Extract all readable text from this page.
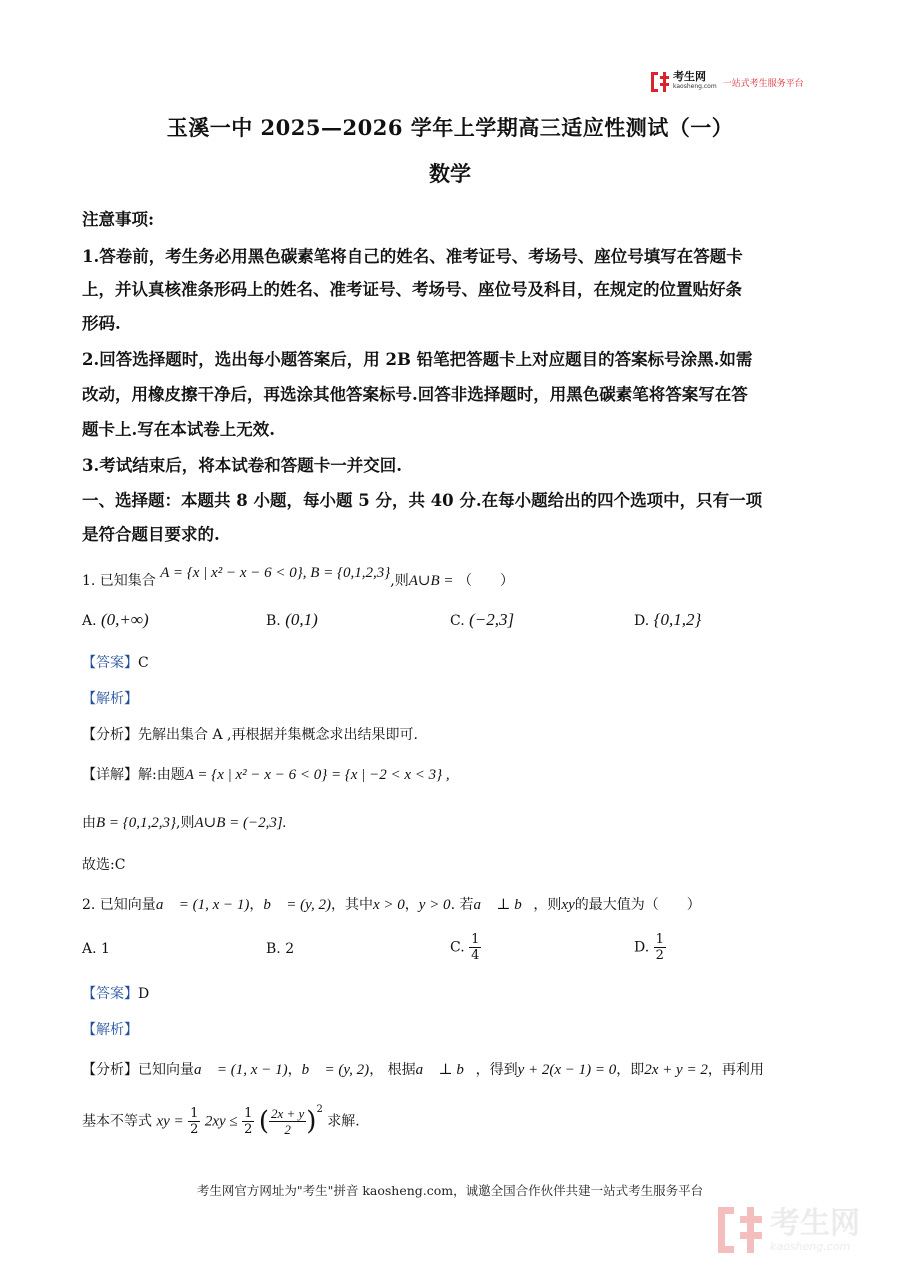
考生网
kaosheng.com 一站式考生服务平台
玉溪一中 2025—2026 学年上学期高三适应性测试（一）
数学
注意事项:
1.答卷前，考生务必用黑色碳素笔将自己的姓名、准考证号、考场号、座位号填写在答题卡
上，并认真核准条形码上的姓名、准考证号、考场号、座位号及科目，在规定的位置贴好条
形码.
2.回答选择题时，选出每小题答案后，用 2B 铅笔把答题卡上对应题目的答案标号涂黑.如需
改动，用橡皮擦干净后，再选涂其他答案标号.回答非选择题时，用黑色碳素笔将答案写在答
题卡上.写在本试卷上无效.
3.考试结束后，将本试卷和答题卡一并交回.
一、选择题：本题共 8 小题，每小题 5 分，共 40 分.在每小题给出的四个选项中，只有一项
是符合题目要求的.
1. 已知集合 A = {x | x² − x − 6 < 0}, B = {0,1,2,3},则A∪B = （　　）
A. (0,+∞)	B. (0,1)	C. (−2,3]	D. {0,1,2}
【答案】C
【解析】
【分析】先解出集合 A ,再根据并集概念求出结果即可.
【详解】解:由题A = {x | x² − x − 6 < 0} = {x | −2 < x < 3} ,
由B = {0,1,2,3},则A∪B = (−2,3].
故选:C
2. 已知向量a⃗ = (1, x − 1)，b⃗ = (y, 2)，其中x > 0，y > 0. 若a⃗ ⊥ b⃗，则xy的最大值为（　　）
A. 1	B. 2	C. $\frac{1}{4}$	D. $\frac{1}{2}$
【答案】D
【解析】
【分析】已知向量a⃗ = (1, x − 1)，b⃗ = (y, 2)， 根据a⃗ ⊥ b⃗，得到y + 2(x − 1) = 0，即2x + y = 2，再利用
基本不等式 xy = $\frac{1}{2} 2xy \le \frac{1}{2}$ ( $\frac{2x + y}{2} )^2$ 求解.
考生网官方网址为"考生"拼音 kaosheng.com，诚邀全国合作伙伴共建一站式考生服务平台
考生网
kaosheng.com
